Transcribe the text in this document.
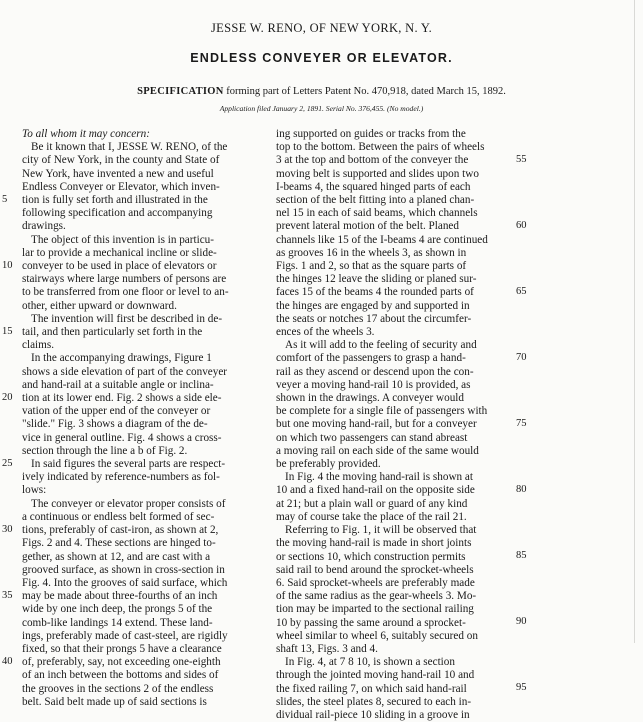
JESSE W. RENO, OF NEW YORK, N. Y.
ENDLESS CONVEYER OR ELEVATOR.
SPECIFICATION forming part of Letters Patent No. 470,918, dated March 15, 1892.
Application filed January 2, 1891. Serial No. 376,455. (No model.)
To all whom it may concern:
Be it known that I, JESSE W. RENO, of the
city of New York, in the county and State of
New York, have invented a new and useful
Endless Conveyer or Elevator, which inven-
tion is fully set forth and illustrated in the
following specification and accompanying
drawings.
The object of this invention is in particu-
lar to provide a mechanical incline or slide-
conveyer to be used in place of elevators or
stairways where large numbers of persons are
to be transferred from one floor or level to an-
other, either upward or downward.
The invention will first be described in de-
tail, and then particularly set forth in the
claims.
In the accompanying drawings, Figure 1
shows a side elevation of part of the conveyer
and hand-rail at a suitable angle or inclina-
tion at its lower end. Fig. 2 shows a side ele-
vation of the upper end of the conveyer or
"slide." Fig. 3 shows a diagram of the de-
vice in general outline. Fig. 4 shows a cross-
section through the line a b of Fig. 2.
In said figures the several parts are respect-
ively indicated by reference-numbers as fol-
lows:
The conveyer or elevator proper consists of
a continuous or endless belt formed of sec-
tions, preferably of cast-iron, as shown at 2,
Figs. 2 and 4. These sections are hinged to-
gether, as shown at 12, and are cast with a
grooved surface, as shown in cross-section in
Fig. 4. Into the grooves of said surface, which
may be made about three-fourths of an inch
wide by one inch deep, the prongs 5 of the
comb-like landings 14 extend. These land-
ings, preferably made of cast-steel, are rigidly
fixed, so that their prongs 5 have a clearance
of, preferably, say, not exceeding one-eighth
of an inch between the bottoms and sides of
the grooves in the sections 2 of the endless
belt. Said belt made up of said sections is
ing supported on guides or tracks from the
top to the bottom. Between the pairs of wheels
3 at the top and bottom of the conveyer the
moving belt is supported and slides upon two
I-beams 4, the squared hinged parts of each
section of the belt fitting into a planed chan-
nel 15 in each of said beams, which channels
prevent lateral motion of the belt. Planed
channels like 15 of the I-beams 4 are continued
as grooves 16 in the wheels 3, as shown in
Figs. 1 and 2, so that as the square parts of
the hinges 12 leave the sliding or planed sur-
faces 15 of the beams 4 the rounded parts of
the hinges are engaged by and supported in
the seats or notches 17 about the circumfer-
ences of the wheels 3.
As it will add to the feeling of security and
comfort of the passengers to grasp a hand-
rail as they ascend or descend upon the con-
veyer a moving hand-rail 10 is provided, as
shown in the drawings. A conveyer would
be complete for a single file of passengers with
but one moving hand-rail, but for a conveyer
on which two passengers can stand abreast
a moving rail on each side of the same would
be preferably provided.
In Fig. 4 the moving hand-rail is shown at
10 and a fixed hand-rail on the opposite side
at 21; but a plain wall or guard of any kind
may of course take the place of the rail 21.
Referring to Fig. 1, it will be observed that
the moving hand-rail is made in short joints
or sections 10, which construction permits
said rail to bend around the sprocket-wheels
6. Said sprocket-wheels are preferably made
of the same radius as the gear-wheels 3. Mo-
tion may be imparted to the sectional railing
10 by passing the same around a sprocket-
wheel similar to wheel 6, suitably secured on
shaft 13, Figs. 3 and 4.
In Fig. 4, at 7 8 10, is shown a section
through the jointed moving hand-rail 10 and
the fixed railing 7, on which said hand-rail
slides, the steel plates 8, secured to each in-
dividual rail-piece 10 sliding in a groove in
5
10
15
20
25
30
35
40
55
60
65
70
75
80
85
90
95
